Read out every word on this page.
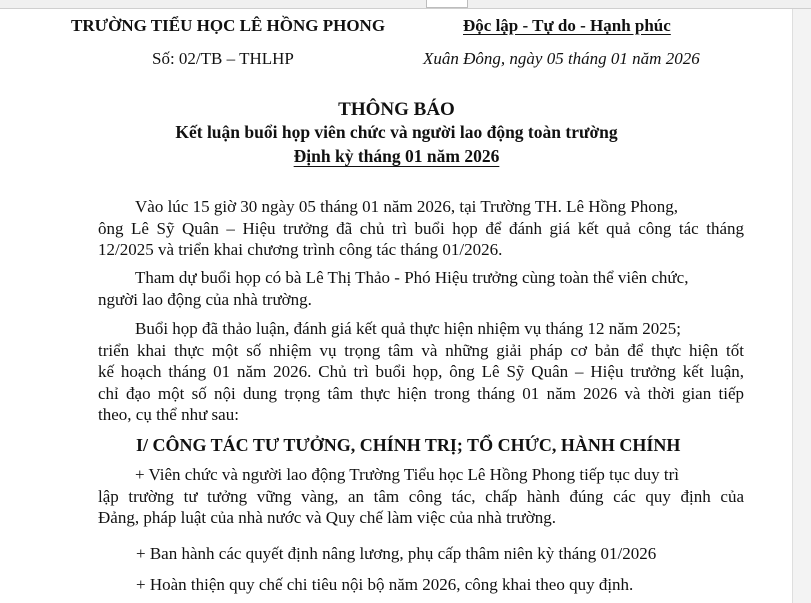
TRƯỜNG TIỂU HỌC LÊ HỒNG PHONG	Độc lập - Tự do - Hạnh phúc
Số: 02/TB – THLHP	Xuân Đông, ngày 05 tháng 01 năm 2026
THÔNG BÁO
Kết luận buổi họp viên chức và người lao động toàn trường
Định kỳ tháng 01 năm 2026
Vào lúc 15 giờ 30 ngày 05 tháng 01 năm 2026, tại Trường TH. Lê Hồng Phong,
ông Lê Sỹ Quân – Hiệu trưởng đã chủ trì buổi họp để đánh giá kết quả công tác tháng
12/2025 và triển khai chương trình công tác tháng 01/2026.
Tham dự buổi họp có bà Lê Thị Thảo - Phó Hiệu trưởng cùng toàn thể viên chức,
người lao động của nhà trường.
Buổi họp đã thảo luận, đánh giá kết quả thực hiện nhiệm vụ tháng 12 năm 2025;
triển khai thực một số nhiệm vụ trọng tâm và những giải pháp cơ bản để thực hiện tốt
kế hoạch tháng 01 năm 2026. Chủ trì buổi họp, ông Lê Sỹ Quân – Hiệu trưởng kết luận,
chỉ đạo một số nội dung trọng tâm thực hiện trong tháng 01 năm 2026 và thời gian tiếp
theo, cụ thể như sau:
I/ CÔNG TÁC TƯ TƯỞNG, CHÍNH TRỊ; TỔ CHỨC, HÀNH CHÍNH
+ Viên chức và người lao động Trường Tiểu học Lê Hồng Phong tiếp tục duy trì
lập trường tư tưởng vững vàng, an tâm công tác, chấp hành đúng các quy định của
Đảng, pháp luật của nhà nước và Quy chế làm việc của nhà trường.
+ Ban hành các quyết định nâng lương, phụ cấp thâm niên kỳ tháng 01/2026
+ Hoàn thiện quy chế chi tiêu nội bộ năm 2026, công khai theo quy định.
